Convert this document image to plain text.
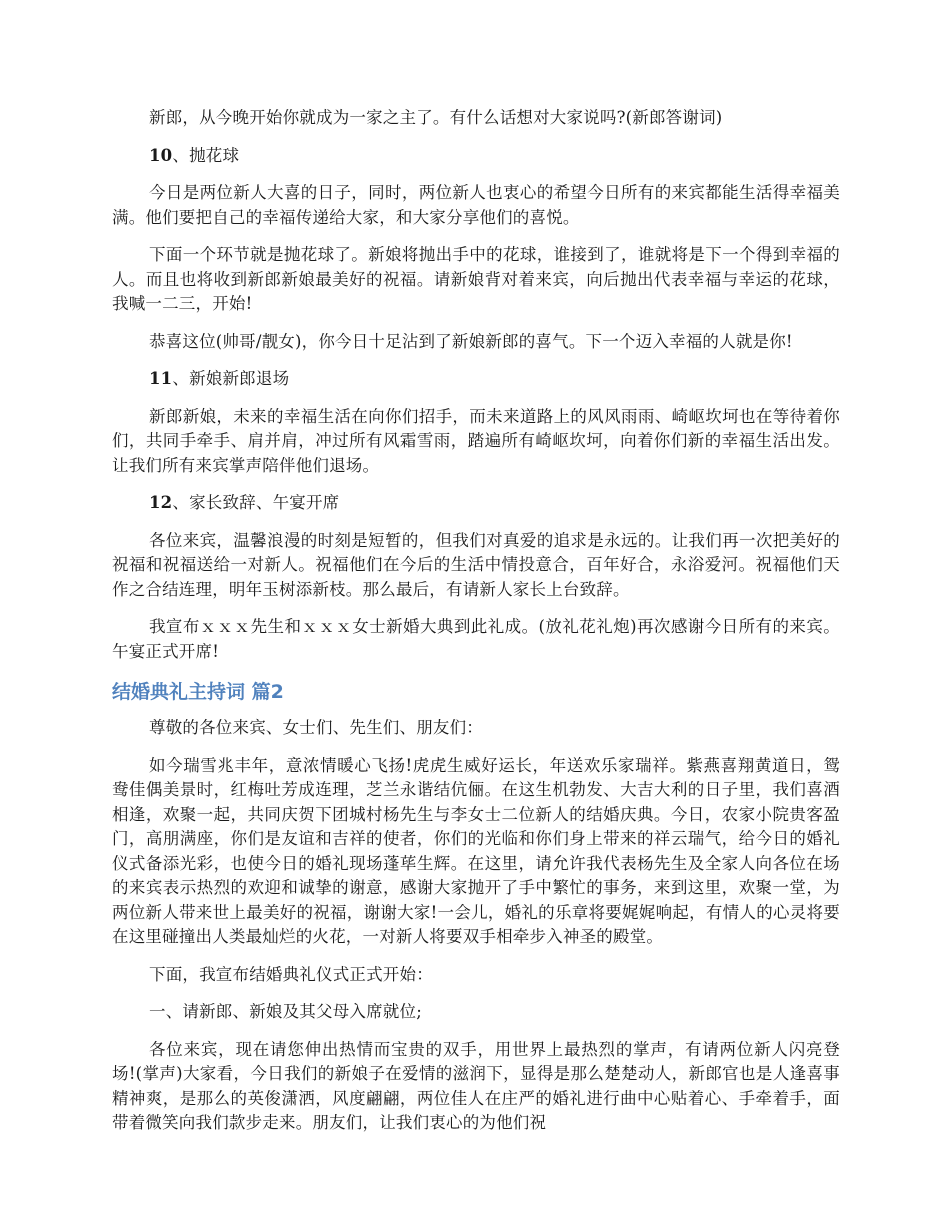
新郎，从今晚开始你就成为一家之主了。有什么话想对大家说吗?(新郎答谢词)

10、抛花球

今日是两位新人大喜的日子，同时，两位新人也衷心的希望今日所有的来宾都能生活得幸福美满。他们要把自己的幸福传递给大家，和大家分享他们的喜悦。

下面一个环节就是抛花球了。新娘将抛出手中的花球，谁接到了，谁就将是下一个得到幸福的人。而且也将收到新郎新娘最美好的祝福。请新娘背对着来宾，向后抛出代表幸福与幸运的花球，我喊一二三，开始!

恭喜这位(帅哥/靓女)，你今日十足沾到了新娘新郎的喜气。下一个迈入幸福的人就是你!

11、新娘新郎退场

新郎新娘，未来的幸福生活在向你们招手，而未来道路上的风风雨雨、崎岖坎坷也在等待着你们，共同手牵手、肩并肩，冲过所有风霜雪雨，踏遍所有崎岖坎坷，向着你们新的幸福生活出发。让我们所有来宾掌声陪伴他们退场。

12、家长致辞、午宴开席

各位来宾，温馨浪漫的时刻是短暂的，但我们对真爱的追求是永远的。让我们再一次把美好的祝福和祝福送给一对新人。祝福他们在今后的生活中情投意合，百年好合，永浴爱河。祝福他们天作之合结连理，明年玉树添新枝。那么最后，有请新人家长上台致辞。

我宣布ｘｘｘ先生和ｘｘｘ女士新婚大典到此礼成。(放礼花礼炮)再次感谢今日所有的来宾。午宴正式开席!

结婚典礼主持词 篇2

尊敬的各位来宾、女士们、先生们、朋友们：

如今瑞雪兆丰年，意浓情暖心飞扬!虎虎生威好运长，年送欢乐家瑞祥。紫燕喜翔黄道日，鸳鸯佳偶美景时，红梅吐芳成连理，芝兰永谐结伉俪。在这生机勃发、大吉大利的日子里，我们喜酒相逢，欢聚一起，共同庆贺下团城村杨先生与李女士二位新人的结婚庆典。今日，农家小院贵客盈门，高朋满座，你们是友谊和吉祥的使者，你们的光临和你们身上带来的祥云瑞气，给今日的婚礼仪式备添光彩，也使今日的婚礼现场蓬荜生辉。在这里，请允许我代表杨先生及全家人向各位在场的来宾表示热烈的欢迎和诚挚的谢意，感谢大家抛开了手中繁忙的事务，来到这里，欢聚一堂，为两位新人带来世上最美好的祝福，谢谢大家!一会儿，婚礼的乐章将要娓娓响起，有情人的心灵将要在这里碰撞出人类最灿烂的火花，一对新人将要双手相牵步入神圣的殿堂。

下面，我宣布结婚典礼仪式正式开始：

一、请新郎、新娘及其父母入席就位;

各位来宾，现在请您伸出热情而宝贵的双手，用世界上最热烈的掌声，有请两位新人闪亮登场!(掌声)大家看，今日我们的新娘子在爱情的滋润下，显得是那么楚楚动人，新郎官也是人逢喜事精神爽，是那么的英俊潇洒，风度翩翩，两位佳人在庄严的婚礼进行曲中心贴着心、手牵着手，面带着微笑向我们款步走来。朋友们，让我们衷心的为他们祝
